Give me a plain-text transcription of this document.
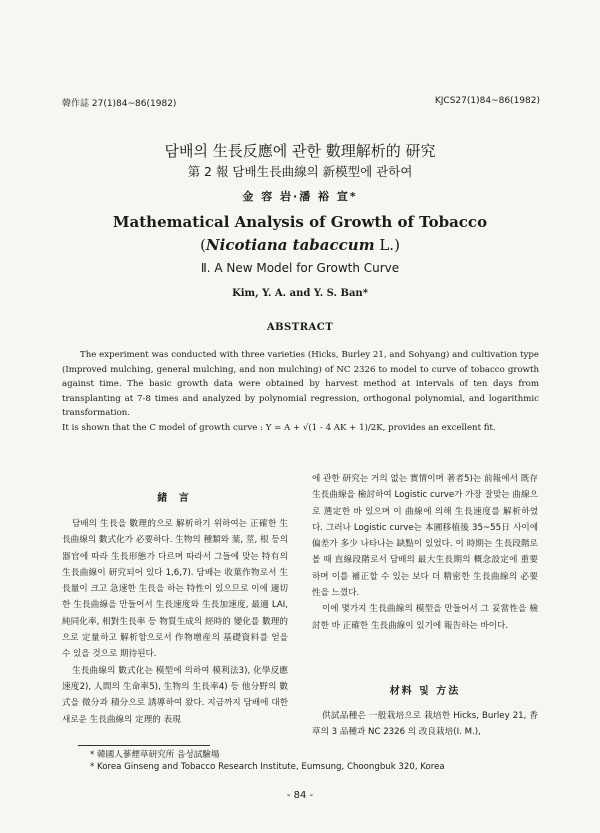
韓作誌 27(1)84~86(1982)	KJCS27(1)84~86(1982)
담배의 生長反應에 관한 數理解析的 研究
第 2 報 담배生長曲線의 新模型에 관하여
金 容 岩·潘 裕 宣*
Mathematical Analysis of Growth of Tobacco
(Nicotiana tabaccum L.)
Ⅱ. A New Model for Growth Curve
Kim, Y. A. and Y. S. Ban*
ABSTRACT

The experiment was conducted with three varieties (Hicks, Burley 21, and Sohyang) and cultivation type (Improved mulching, general mulching, and non mulching) of NC 2326 to model to curve of tobacco growth against time. The basic growth data were obtained by harvest method at intervals of ten days from transplanting at 7-8 times and analyzed by polynomial regression, orthogonal polynomial, and logarithmic transformation.

It is shown that the C model of growth curve : Y = A + √(1 - 4 AK + 1)/2K, provides an excellent fit.

緒 言

담배의 生長을 數理的으로 解析하기 위하여는 正確한 生長曲線의 數式化가 必要하다. 生物의 種類와 葉, 莖, 根 등의 器官에 따라 生長形態가 다르며 따라서 그들에 맞는 特有의 生長曲線이 研究되어 있다 1,6,7). 담배는 收葉作物로서 生長量이 크고 急速한 生長을 하는 特性이 있으므로 이에 適切한 生長曲線을 만들어서 生長速度와 生長加速度, 最適 LAI, 純同化率, 相對生長率 등 物質生成의 經時的 變化를 數理的으로 定量하고 解析함으로서 作物增産의 基礎資料를 얻을 수 있을 것으로 期待된다.

生長曲線의 數式化는 模型에 의하여 模利法3), 化學反應速度2), 人間의 生命率5), 生物의 生長率4) 등 他分野의 數式을 微分과 積分으로 誘導하여 왔다. 지금까지 담배에 대한 새로운 生長曲線의 定理的 表現

에 관한 研究는 거의 없는 實情이며 著者5)는 前報에서 既存生長曲線을 檢討하여 Logistic curve가 가장 잘맞는 曲線으로 選定한 바 있으며 이 曲線에 의해 生長速度를 解析하였다. 그러나 Logistic curve는 本圃移植後 35~55日 사이에 偏差가 多少 나타나는 缺點이 있었다. 이 時期는 生長段階로 볼 때 直線段階로서 담배의 最大生長期의 概念設定에 重要하며 이를 補正할 수 있는 보다 더 精密한 生長曲線의 必要性을 느꼈다.

이에 몇가지 生長曲線의 模型을 만들어서 그 妥當性을 檢討한 바 正確한 生長曲線이 있기에 報告하는 바이다.

材料 및 方法

供試品種은 一般栽培으로 栽培한 Hicks, Burley 21, 香草의 3 品種과 NC 2326 의 改良栽培(I. M.),

* 韓國人蔘煙草研究所 음성試驗場
* Korea Ginseng and Tobacco Research Institute, Eumsung, Choongbuk 320, Korea
- 84 -
